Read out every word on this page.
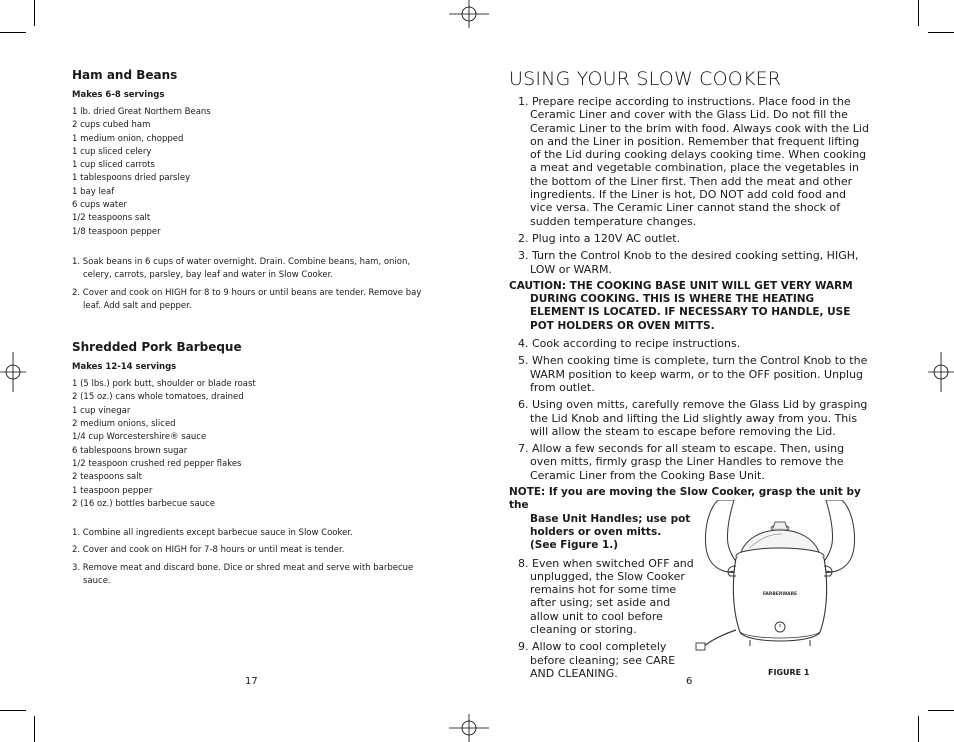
Ham and Beans
Makes 6-8 servings
1 lb. dried Great Northern Beans
2 cups cubed ham
1 medium onion, chopped
1 cup sliced celery
1 cup sliced carrots
1 tablespoons dried parsley
1 bay leaf
6 cups water
1/2 teaspoons salt
1/8 teaspoon pepper
1. Soak beans in 6 cups of water overnight. Drain. Combine beans, ham, onion, celery, carrots, parsley, bay leaf and water in Slow Cooker.
2. Cover and cook on HIGH for 8 to 9 hours or until beans are tender. Remove bay leaf. Add salt and pepper.
Shredded Pork Barbeque
Makes 12-14 servings
1 (5 lbs.) pork butt, shoulder or blade roast
2 (15 oz.) cans whole tomatoes, drained
1 cup vinegar
2 medium onions, sliced
1/4 cup Worcestershire® sauce
6 tablespoons brown sugar
1/2 teaspoon crushed red pepper flakes
2 teaspoons salt
1 teaspoon pepper
2 (16 oz.) bottles barbecue sauce
1. Combine all ingredients except barbecue sauce in Slow Cooker.
2. Cover and cook on HIGH for 7-8 hours or until meat is tender.
3. Remove meat and discard bone. Dice or shred meat and serve with barbecue sauce.
17
USING YOUR SLOW COOKER
1. Prepare recipe according to instructions. Place food in the Ceramic Liner and cover with the Glass Lid. Do not fill the Ceramic Liner to the brim with food. Always cook with the Lid on and the Liner in position. Remember that frequent lifting of the Lid during cooking delays cooking time. When cooking a meat and vegetable combination, place the vegetables in the bottom of the Liner first. Then add the meat and other ingredients. If the Liner is hot, DO NOT add cold food and vice versa. The Ceramic Liner cannot stand the shock of sudden temperature changes.
2. Plug into a 120V AC outlet.
3. Turn the Control Knob to the desired cooking setting, HIGH, LOW or WARM.
CAUTION: THE COOKING BASE UNIT WILL GET VERY WARM DURING COOKING. THIS IS WHERE THE HEATING ELEMENT IS LOCATED. IF NECESSARY TO HANDLE, USE POT HOLDERS OR OVEN MITTS.
4. Cook according to recipe instructions.
5. When cooking time is complete, turn the Control Knob to the WARM position to keep warm, or to the OFF position. Unplug from outlet.
6. Using oven mitts, carefully remove the Glass Lid by grasping the Lid Knob and lifting the Lid slightly away from you. This will allow the steam to escape before removing the Lid.
7. Allow a few seconds for all steam to escape. Then, using oven mitts, firmly grasp the Liner Handles to remove the Ceramic Liner from the Cooking Base Unit.
NOTE: If you are moving the Slow Cooker, grasp the unit by the
Base Unit Handles; use pot
holders or oven mitts.
(See Figure 1.)
8. Even when switched OFF and
unplugged, the Slow Cooker
remains hot for some time
after using; set aside and
allow unit to cool before
cleaning or storing.
9. Allow to cool completely
before cleaning; see CARE
AND CLEANING.
FARBERWARE
FIGURE 1
6
